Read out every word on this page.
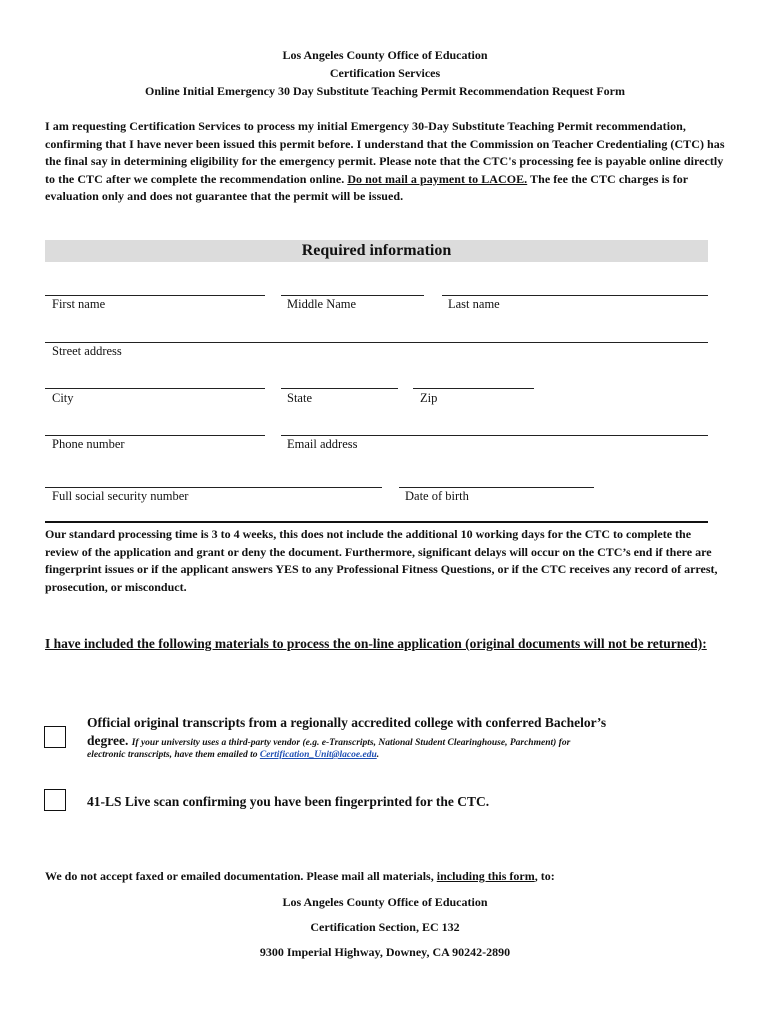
Los Angeles County Office of Education
Certification Services
Online Initial Emergency 30 Day Substitute Teaching Permit Recommendation Request Form
I am requesting Certification Services to process my initial Emergency 30-Day Substitute Teaching Permit recommendation, confirming that I have never been issued this permit before. I understand that the Commission on Teacher Credentialing (CTC) has the final say in determining eligibility for the emergency permit. Please note that the CTC's processing fee is payable online directly to the CTC after we complete the recommendation online. Do not mail a payment to LACOE. The fee the CTC charges is for evaluation only and does not guarantee that the permit will be issued.
Required information
First name	Middle Name	Last name
Street address
City	State	Zip
Phone number	Email address
Full social security number	Date of birth
Our standard processing time is 3 to 4 weeks, this does not include the additional 10 working days for the CTC to complete the review of the application and grant or deny the document. Furthermore, significant delays will occur on the CTC’s end if there are fingerprint issues or if the applicant answers YES to any Professional Fitness Questions, or if the CTC receives any record of arrest, prosecution, or misconduct.
I have included the following materials to process the on-line application (original documents will not be returned):
Official original transcripts from a regionally accredited college with conferred Bachelor’s
degree. If your university uses a third-party vendor (e.g. e-Transcripts, National Student Clearinghouse, Parchment) for
electronic transcripts, have them emailed to Certification_Unit@lacoe.edu.
41-LS Live scan confirming you have been fingerprinted for the CTC.
We do not accept faxed or emailed documentation. Please mail all materials, including this form, to:
Los Angeles County Office of Education
Certification Section, EC 132
9300 Imperial Highway, Downey, CA 90242-2890
